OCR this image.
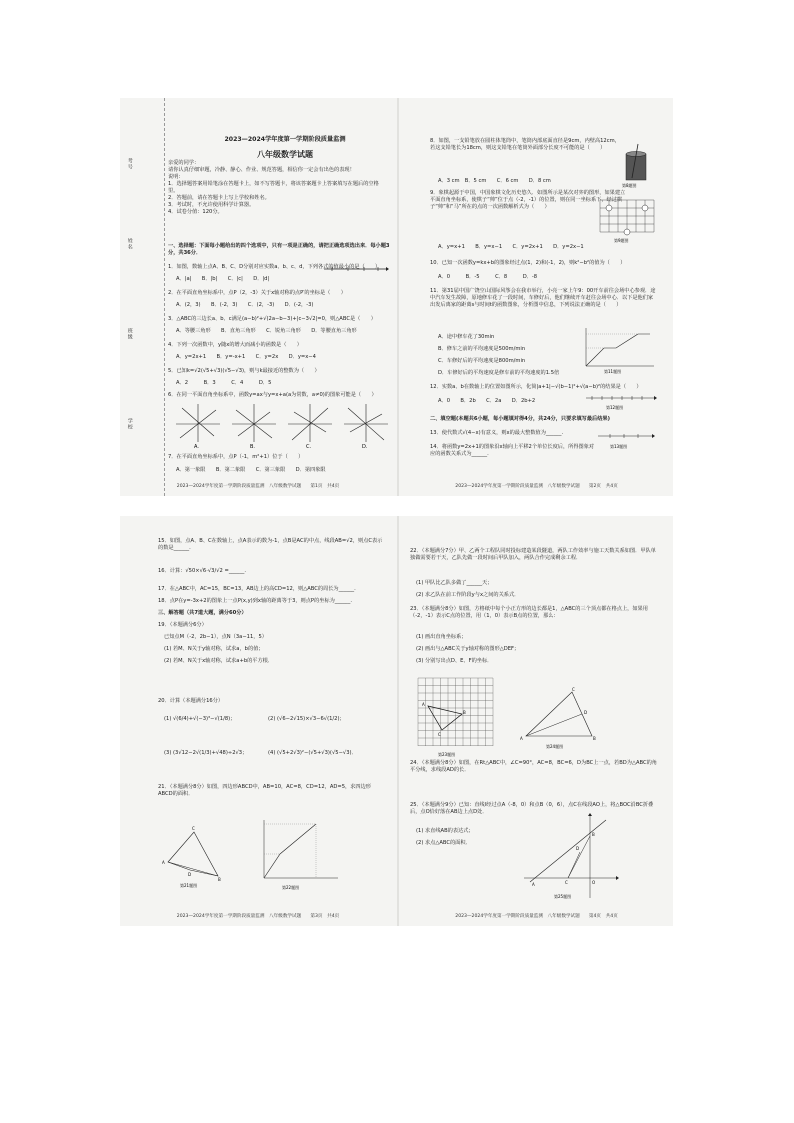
考号
姓名
班级
学校
2023—2024学年度第一学期阶段质量监测
八年级数学试题
亲爱的同学：
请你认真仔细审题，冷静、静心、作业、规范答题，相信你一定会有出色的表现！
说明：
1．选择题答案用铅笔涂在答题卡上，如不写答题卡，将该答案题卡上答案填写在题后的空格里。
2．答题前，请在答题卡上写上学校和姓名。
3．考试时，不允许使用科学计算器。
4．试卷分值：120分。
一、选择题：下面每小题给出的四个选项中，只有一项是正确的，请把正确选项选出来．每小题3分，共36分．
1．如图，数轴上点A、B、C、D分别对应实数a、b、c、d，下列各式的值最小的是（　　）
A．|a|　　B．|b|　　C．|c|　　D．|d|
2．在平面直角坐标系中，点P（2，-3）关于x轴对称的点P′的坐标是（　　）
A．(2，3)　　B．(-2，3)　　C．(2，-3)　　D．(-2，-3)
3．△ABC的三边长a、b、c满足(a−b)²+√(2a−b−3)+|c−3√2|=0，则△ABC是（　　）
A．等腰三角形　　B．直角三角形　　C．锐角三角形　　D．等腰直角三角形
4．下列一次函数中，y随x的增大而减小的函数是（　　）
A．y=2x+1　　B．y=-x+1　　C．y=2x　　D．y=x−4
5．已知k=√2(√5+√3)(√5−√3)，则与k最接近的整数为（　　）
A．2　　　B．3　　　C．4　　　D．5
6．在同一平面直角坐标系中，函数y=ax与y=x+a(a为常数，a≠0)的图象可能是（　　）
A.	B.	C.	D.
7．在平面直角坐标系中，点P（-1，m²+1）位于（　　）
A．第一象限　　B．第二象限　　C．第三象限　　D．第四象限
2023—2024学年度第一学期阶段质量监测　八年级数学试题　　第1页　共4页
8．如图，一支铅笔放在圆柱体笔筒中，笔筒内部底面直径是9cm，内壁高12cm，若这支铅笔长为18cm，则这支铅笔在笔筒外面部分长度不可能的是（　　）
A．3 cm　B．5 cm　　C．6 cm　　D．8 cm
第8题图
9．象棋起源于中国，中国象棋文化历史悠久．如图所示是某次对弈的图形，如果建立平面直角坐标系，使棋子“帅”位于点（-2，-1）的位置，则在同一坐标系下，经过棋子“帅”和“马”所在的点的一次函数解析式为（　　）
第9题图
A．y=x+1　　B．y=x−1　　C．y=2x+1　　D．y=2x−1
10．已知一次函数y=kx+b的图象经过点(1，2)和(-1，2)，则k²−b²的值为（　　）
A．0　　　B．-5　　　C．8　　　D．-8
11．第31届中国广饶空山国际风筝会在我市举行，小亮一家上午9：00开车前往会场中心参观．途中汽车发生故障，原地修车花了一段时间，车修好后，他们继续开车赶往会场中心．以下是他们家出发后离家的距离s与时间t的函数图象，分析图中信息，下列说法正确的是（　　）
A．途中修车花了30min
B．修车之前的平均速度是500m/min
C．车修好后的平均速度是800m/min
D．车修好后的平均速度是修车前的平均速度的1.5倍	第11题图
12．实数a、b在数轴上的位置如图所示，化简|a+1|−√(b−1)²+√(a−b)²的结果是（　　）
A．0　　B．2b　　C．2a　　D．2b+2
第12题图
二、填空题(本题共6小题，每小题填对得4分，共24分，只要求填写最后结果)
13．使代数式√(4−x)有意义，则x的最大整数值为______.
第13题图
14．将函数y=2x+1的图象沿x轴向上平移2个单位长度后，所得图象对应的函数关系式为______.
2023—2024学年度第一学期阶段质量监测　八年级数学试题　　第2页　共4页
15．如图，点A、B、C在数轴上，点A表示的数为-1，点B是AC的中点，线段AB=√2，则点C表示的数是______.
16．计算：√50×√6·√3/√2 =______.
17．在△ABC中，AC=15，BC=13，AB边上的高CD=12，则△ABC的周长为______.
18．点P在y=-3x+2的图象上一点P(x,y)到x轴的距离等于3，则点P的坐标为______.
三、解答题（共7道大题，满分60分）
19．（本题满分6分）
已知点M（-2，2b−1），点N（3a−11，5）
(1) 若M、N关于y轴对称，试求a，b的值；
(2) 若M、N关于x轴对称，试求a+b的平方根．
20．计算（本题满分16分）
(1) √(6/4)+√(−3)³−√(1/8)；	(2) (√6−2√15)×√3−6√(1/2)；
(3) (3√12−2√(1/3)+√48)÷2√3；	(4) (√5+2√3)²−(√5+√3)(√5−√3)．
21．（本题满分8分）如图，四边形ABCD中，AB=10，AC=8，CD=12，AD=5，求四边形ABCD的面积．
A
C
B
D
第21题图	第22题图
2023—2024学年度第一学期阶段质量监测　八年级数学试题　　第3页　共4页
22．（本题满分7分）甲、乙两个工程队同时投标建造某段隧道，两队工作效率与施工天数关系如图．甲队单独做需要若干天，乙队先做一段时间后甲队加入，两队合作完成剩余工程．
(1) 甲队比乙队多做了______天；
(2) 求乙队在前工作阶段y与x之间的关系式．
23．（本题满分8分）如图，方格纸中每个小正方形的边长都是1，△ABC的三个顶点都在格点上，如果用（-2，-1）表示C点的位置，用（1，0）表示B点的位置，那么：
(1) 画出直角坐标系；
(2) 画出与△ABC关于y轴对称的图形△DEF；
(3) 分别写出点D、E、F的坐标．
A
B
C
第23题图
A	B
C
D
第24题图
24．（本题满分8分）如图，在Rt△ABC中，∠C=90°，AC=8，BC=6，D为BC上一点，若BD为△ABC的角平分线，求线段AD的长．
25．（本题满分9分）已知：直线l经过点A（-8，0）和点B（0，6），点C在线段AO上，将△BOC沿BC折叠后，点O恰好落在AB边上点D处．
(1) 求直线AB的表达式；
(2) 求点△ABC的面积．
A	C
B
D
O
第25题图
2023—2024学年度第一学期阶段质量监测　八年级数学试题　　第4页　共4页
